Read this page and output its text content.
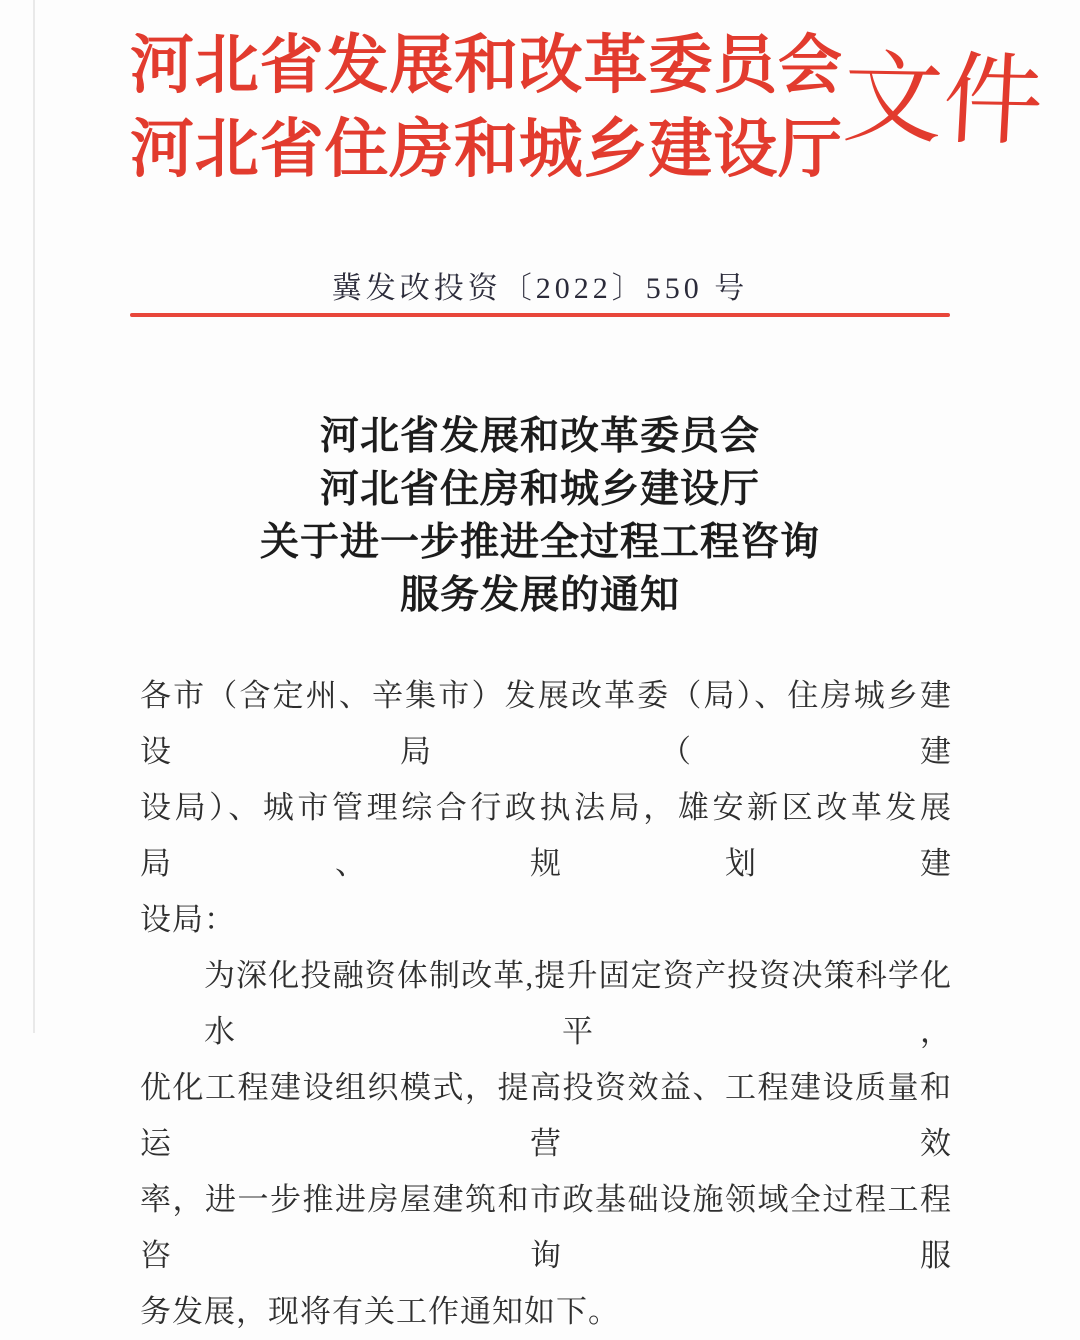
河北省发展和改革委员会
河北省住房和城乡建设厅
文件
冀发改投资〔2022〕550 号
河北省发展和改革委员会
河北省住房和城乡建设厅
关于进一步推进全过程工程咨询
服务发展的通知
各市（含定州、辛集市）发展改革委（局）、住房城乡建设局（建
设局）、城市管理综合行政执法局，雄安新区改革发展局、规划建
设局：
为深化投融资体制改革,提升固定资产投资决策科学化水平，
优化工程建设组织模式，提高投资效益、工程建设质量和运营效
率，进一步推进房屋建筑和市政基础设施领域全过程工程咨询服
务发展，现将有关工作通知如下。
